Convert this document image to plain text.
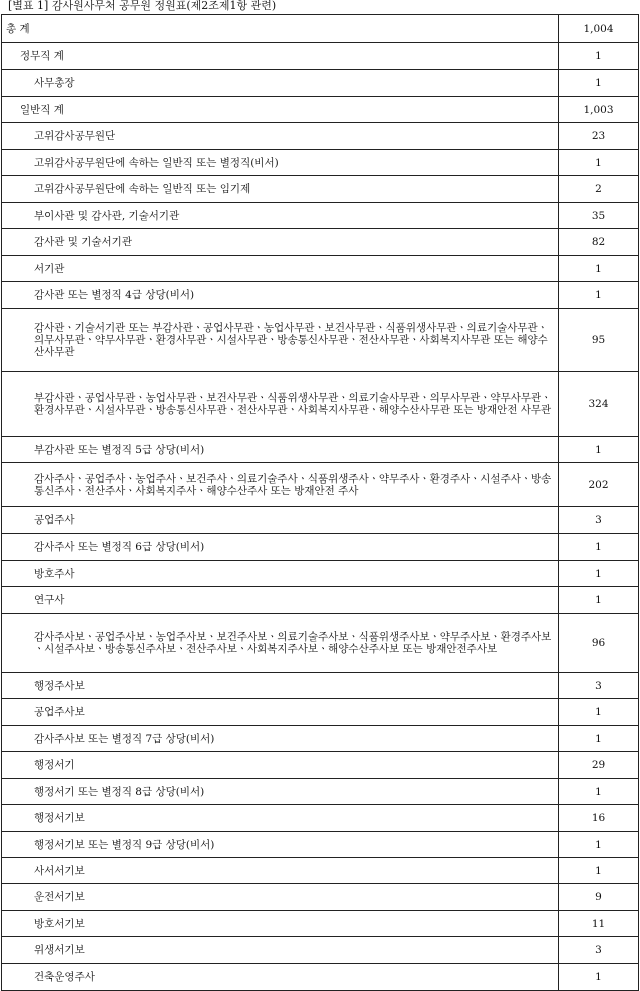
[별표 1] 감사원사무처 공무원 정원표(제2조제1항 관련)
총 계	1,004
정무직 계	1
사무총장	1
일반직 계	1,003
고위감사공무원단	23
고위감사공무원단에 속하는 일반직 또는 별정직(비서)	1
고위감사공무원단에 속하는 일반직 또는 임기제	2
부이사관 및 감사관, 기술서기관	35
감사관 및 기술서기관	82
서기관	1
감사관 또는 별정직 4급 상당(비서)	1
감사관ㆍ기술서기관 또는 부감사관ㆍ공업사무관ㆍ농업사무관ㆍ보건사무관ㆍ식품위생사무관ㆍ의료기술사무관ㆍ의무사무관ㆍ약무사무관ㆍ환경사무관ㆍ시설사무관ㆍ방송통신사무관ㆍ전산사무관ㆍ사회복지사무관 또는 해양수산사무관	95
부감사관ㆍ공업사무관ㆍ농업사무관ㆍ보건사무관ㆍ식품위생사무관ㆍ의료기술사무관ㆍ의무사무관ㆍ약무사무관ㆍ환경사무관ㆍ시설사무관ㆍ방송통신사무관ㆍ전산사무관ㆍ사회복지사무관ㆍ해양수산사무관 또는 방재안전 사무관	324
부감사관 또는 별정직 5급 상당(비서)	1
감사주사ㆍ공업주사ㆍ농업주사ㆍ보건주사ㆍ의료기술주사ㆍ식품위생주사ㆍ약무주사ㆍ환경주사ㆍ시설주사ㆍ방송통신주사ㆍ전산주사ㆍ사회복지주사ㆍ해양수산주사 또는 방재안전 주사	202
공업주사	3
감사주사 또는 별정직 6급 상당(비서)	1
방호주사	1
연구사	1
감사주사보ㆍ공업주사보ㆍ농업주사보ㆍ보건주사보ㆍ의료기술주사보ㆍ식품위생주사보ㆍ약무주사보ㆍ환경주사보ㆍ시설주사보ㆍ방송통신주사보ㆍ전산주사보ㆍ사회복지주사보ㆍ해양수산주사보 또는 방재안전주사보	96
행정주사보	3
공업주사보	1
감사주사보 또는 별정직 7급 상당(비서)	1
행정서기	29
행정서기 또는 별정직 8급 상당(비서)	1
행정서기보	16
행정서기보 또는 별정직 9급 상당(비서)	1
사서서기보	1
운전서기보	9
방호서기보	11
위생서기보	3
건축운영주사	1
